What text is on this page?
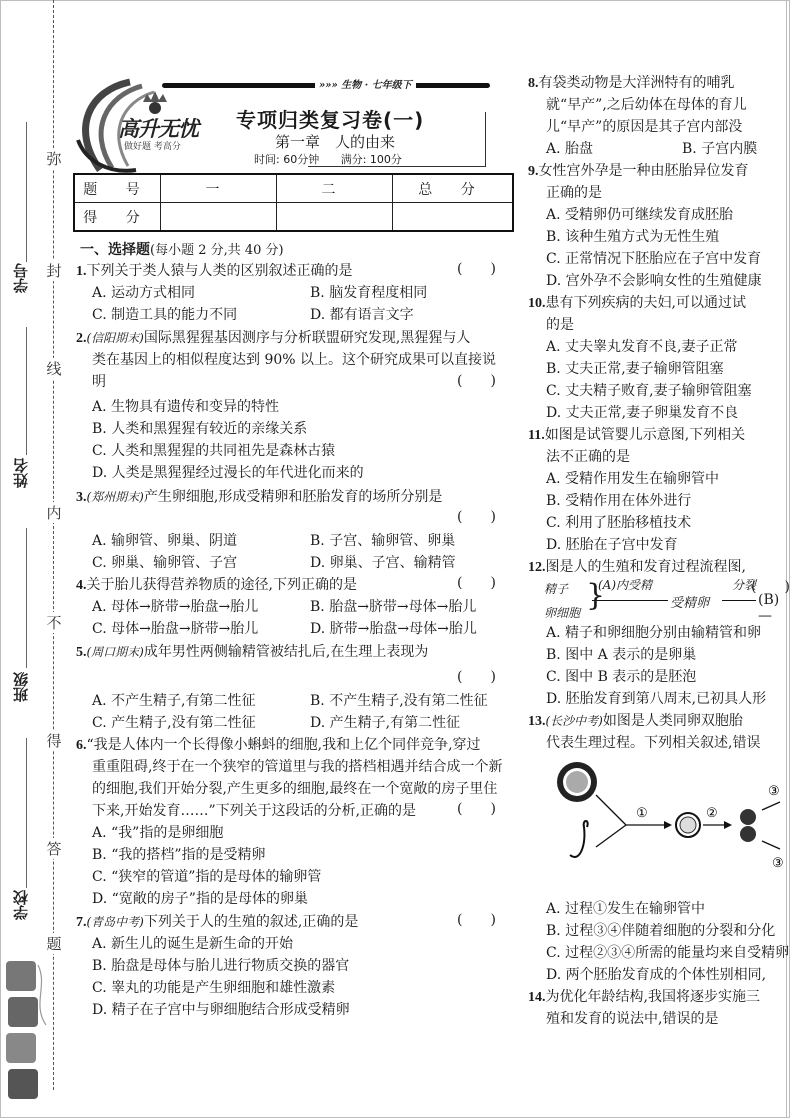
弥
封
线
内
不
得
答
题
学号
姓名
班级
学校
高升无忧
做好题 考高分
»»» 生物 · 七年级下
专项归类复习卷(一)
第一章　人的由来
时间: 60分钟 满分: 100分
题 号	一	二	总 分
得 分			
一、选择题(每小题 2 分,共 40 分)
1.下列关于类人猿与人类的区别叙述正确的是	(　　)
A. 运动方式相同	B. 脑发育程度相同
C. 制造工具的能力不同	D. 都有语言文字
2.(信阳期末)国际黑猩猩基因测序与分析联盟研究发现,黑猩猩与人
类在基因上的相似程度达到 90% 以上。这个研究成果可以直接说
明	(　　)
A. 生物具有遗传和变异的特性
B. 人类和黑猩猩有较近的亲缘关系
C. 人类和黑猩猩的共同祖先是森林古猿
D. 人类是黑猩猩经过漫长的年代进化而来的
3.(郑州期末)产生卵细胞,形成受精卵和胚胎发育的场所分别是
(　　)
A. 输卵管、卵巢、阴道	B. 子宫、输卵管、卵巢
C. 卵巢、输卵管、子宫	D. 卵巢、子宫、输精管
4.关于胎儿获得营养物质的途径,下列正确的是	(　　)
A. 母体→脐带→胎盘→胎儿	B. 胎盘→脐带→母体→胎儿
C. 母体→胎盘→脐带→胎儿	D. 脐带→胎盘→母体→胎儿
5.(周口期末)成年男性两侧输精管被结扎后,在生理上表现为
(　　)
A. 不产生精子,有第二性征	B. 不产生精子,没有第二性征
C. 产生精子,没有第二性征	D. 产生精子,有第二性征
6.“我是人体内一个长得像小蝌蚪的细胞,我和上亿个同伴竞争,穿过
重重阻碍,终于在一个狭窄的管道里与我的搭档相遇并结合成一个新
的细胞,我们开始分裂,产生更多的细胞,最终在一个宽敞的房子里住
下来,开始发育……”下列关于这段话的分析,正确的是	(　　)
A. “我”指的是卵细胞
B. “我的搭档”指的是受精卵
C. “狭窄的管道”指的是母体的输卵管
D. “宽敞的房子”指的是母体的卵巢
7.(青岛中考)下列关于人的生殖的叙述,正确的是	(　　)
A. 新生儿的诞生是新生命的开始
B. 胎盘是母体与胎儿进行物质交换的器官
C. 睾丸的功能是产生卵细胞和雄性激素
D. 精子在子宫中与卵细胞结合形成受精卵
8.有袋类动物是大洋洲特有的哺乳
就“早产”,之后幼体在母体的育儿
儿“早产”的原因是其子宫内部没
A. 胎盘	B. 子宫内膜
9.女性宫外孕是一种由胚胎异位发育
正确的是
A. 受精卵仍可继续发育成胚胎
B. 该种生殖方式为无性生殖
C. 正常情况下胚胎应在子宫中发育
D. 宫外孕不会影响女性的生殖健康
10.患有下列疾病的夫妇,可以通过试
的是
A. 丈夫睾丸发育不良,妻子正常
B. 丈夫正常,妻子输卵管阻塞
C. 丈夫精子败育,妻子输卵管阻塞
D. 丈夫正常,妻子卵巢发育不良
11.如图是试管婴儿示意图,下列相关
法不正确的是
A. 受精作用发生在输卵管中
B. 受精作用在体外进行
C. 利用了胚胎移植技术
D. 胚胎在子宫中发育
12.图是人的生殖和发育过程流程图,
A. 精子和卵细胞分别由输精管和卵
B. 图中 A 表示的是卵巢
C. 图中 B 表示的是胚泡
D. 胚胎发育到第八周末,已初具人形
13.(长沙中考)如图是人类同卵双胞胎
代表生理过程。下列相关叙述,错误
A. 过程①发生在输卵管中
B. 过程③④伴随着细胞的分裂和分化
C. 过程②③④所需的能量均来自受精卵
D. 两个胚胎发育成的个体性别相同,
14.为优化年龄结构,我国将逐步实施三
殖和发育的说法中,错误的是
(　　)
精子
卵细胞
(A)内受精
受精卵
分裂
(B)—
}
①	②
③
③
